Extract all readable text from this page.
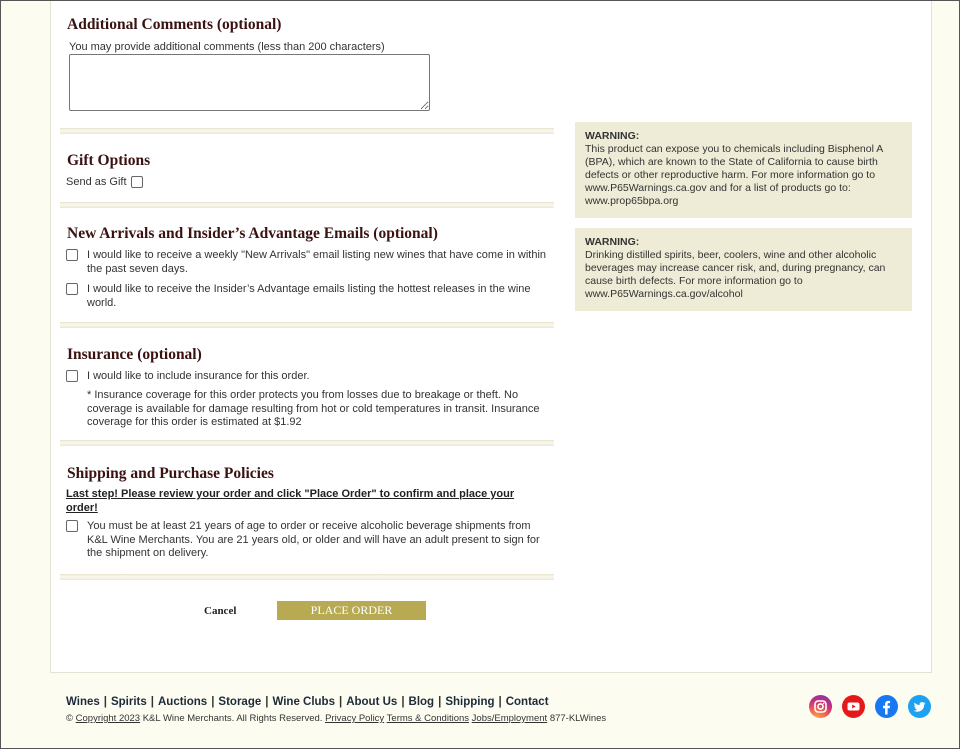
Additional Comments (optional)
You may provide additional comments (less than 200 characters)
Gift Options
Send as Gift
New Arrivals and Insider’s Advantage Emails (optional)
I would like to receive a weekly "New Arrivals" email listing new wines that have come in within the past seven days.
I would like to receive the Insider’s Advantage emails listing the hottest releases in the wine world.
Insurance (optional)
I would like to include insurance for this order.
* Insurance coverage for this order protects you from losses due to breakage or theft. No coverage is available for damage resulting from hot or cold temperatures in transit. Insurance coverage for this order is estimated at $1.92
Shipping and Purchase Policies
Last step! Please review your order and click "Place Order" to confirm and place your order!
You must be at least 21 years of age to order or receive alcoholic beverage shipments from K&L Wine Merchants. You are 21 years old, or older and will have an adult present to sign for the shipment on delivery.
Cancel	PLACE ORDER
WARNING:
This product can expose you to chemicals including Bisphenol A (BPA), which are known to the State of California to cause birth defects or other reproductive harm. For more information go to www.P65Warnings.ca.gov and for a list of products go to: www.prop65bpa.org
WARNING:
Drinking distilled spirits, beer, coolers, wine and other alcoholic beverages may increase cancer risk, and, during pregnancy, can cause birth defects. For more information go to www.P65Warnings.ca.gov/alcohol
Wines | Spirits | Auctions | Storage | Wine Clubs | About Us | Blog | Shipping | Contact
© Copyright 2023 K&L Wine Merchants. All Rights Reserved. Privacy Policy Terms & Conditions Jobs/Employment 877-KLWines
